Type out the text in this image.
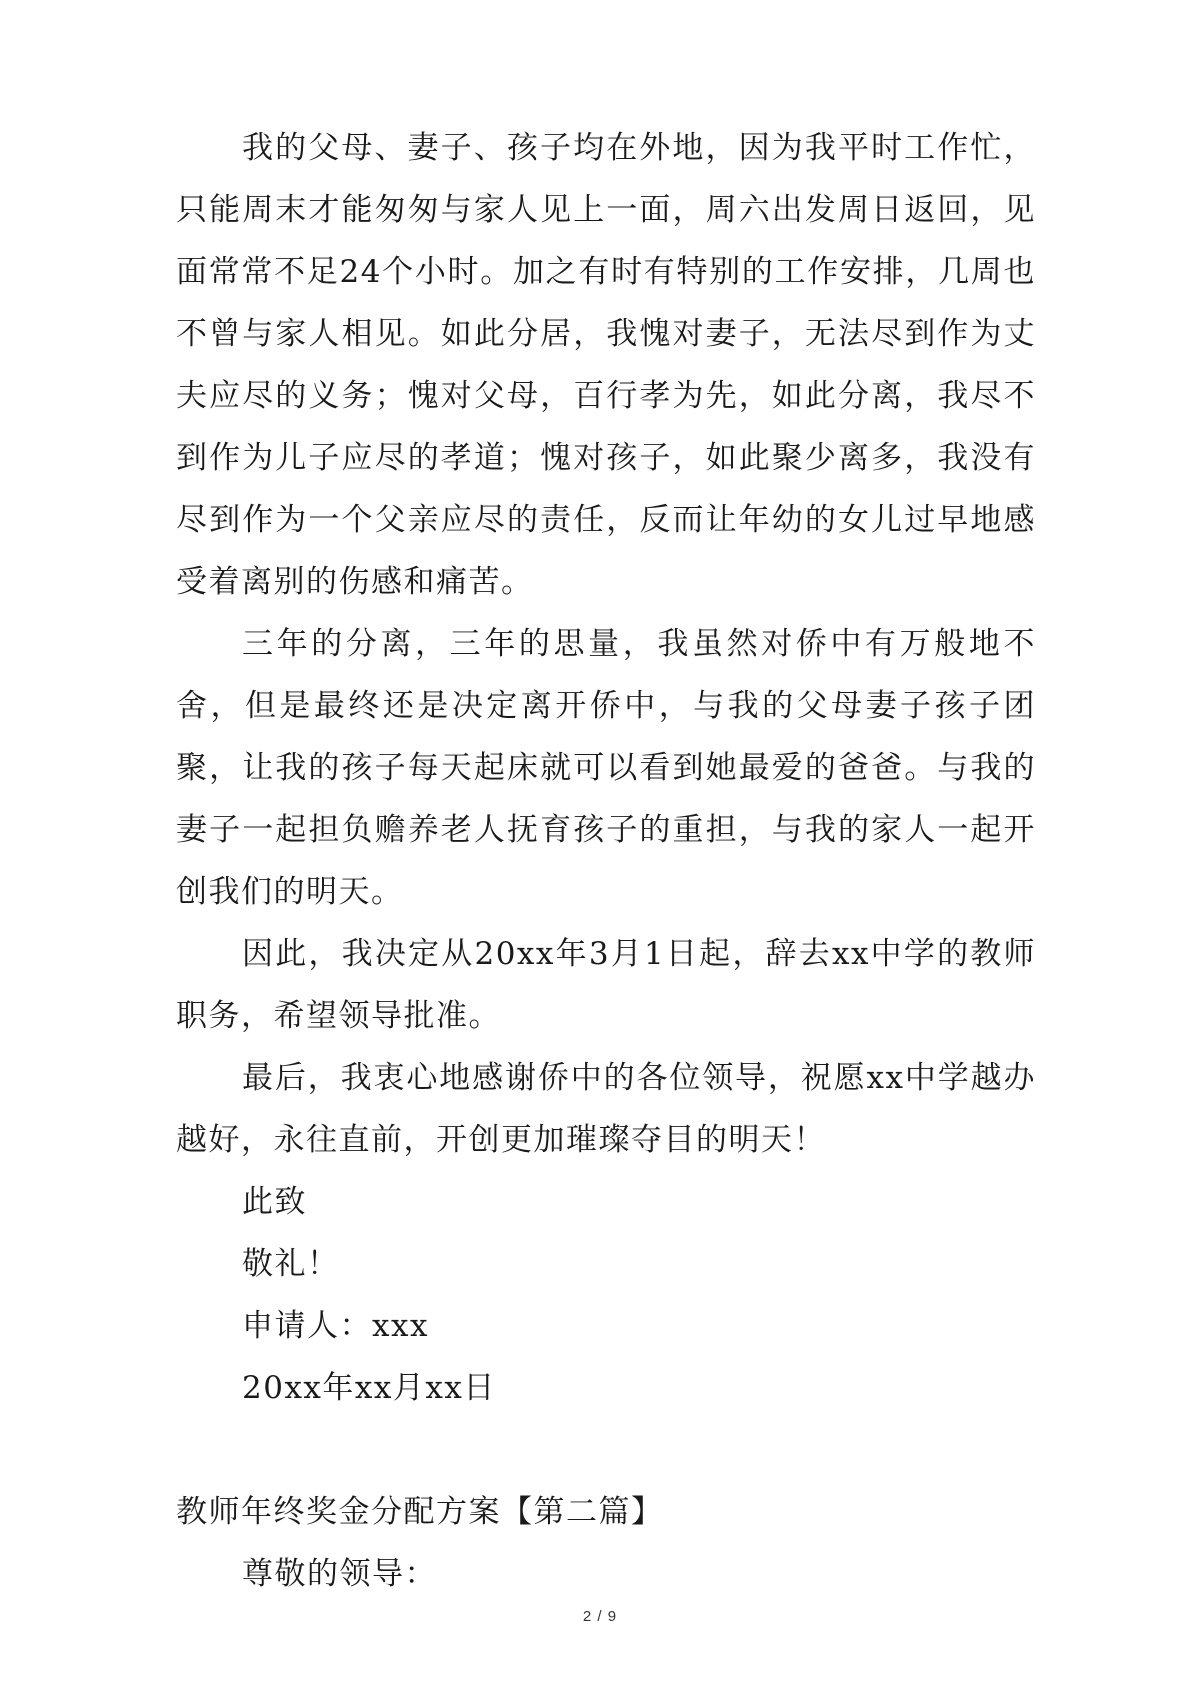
我的父母、妻子、孩子均在外地，因为我平时工作忙，只能周末才能匆匆与家人见上一面，周六出发周日返回，见面常常不足24个小时。加之有时有特别的工作安排，几周也不曾与家人相见。如此分居，我愧对妻子，无法尽到作为丈夫应尽的义务；愧对父母，百行孝为先，如此分离，我尽不到作为儿子应尽的孝道；愧对孩子，如此聚少离多，我没有尽到作为一个父亲应尽的责任，反而让年幼的女儿过早地感受着离别的伤感和痛苦。

三年的分离，三年的思量，我虽然对侨中有万般地不舍，但是最终还是决定离开侨中，与我的父母妻子孩子团聚，让我的孩子每天起床就可以看到她最爱的爸爸。与我的妻子一起担负赡养老人抚育孩子的重担，与我的家人一起开创我们的明天。

因此，我决定从20xx年3月1日起，辞去xx中学的教师职务，希望领导批准。

最后，我衷心地感谢侨中的各位领导，祝愿xx中学越办越好，永往直前，开创更加璀璨夺目的明天！

此致

敬礼！

申请人：xxx

20xx年xx月xx日

教师年终奖金分配方案【第二篇】

尊敬的领导：

2 / 9
